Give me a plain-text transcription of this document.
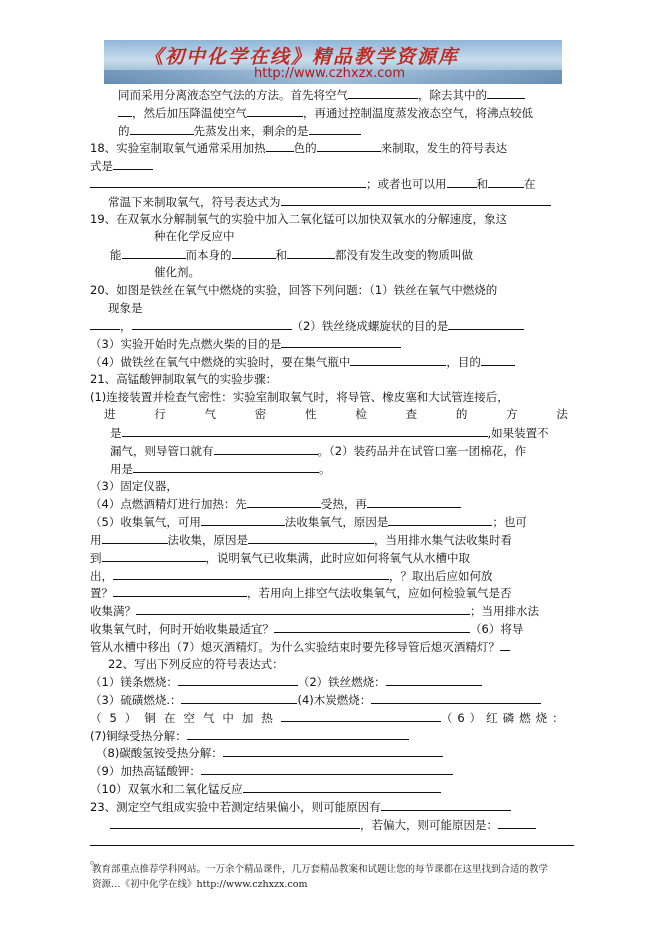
《初中化学在线》精品教学资源库
http://www.czhxzx.com
同而采用分离液态空气法的方法。首先将空气	，除去其中的
，然后加压降温使空气	，再通过控制温度蒸发液态空气，将沸点较低
的	先蒸发出来，剩余的是
18、实验室制取氧气通常采用加热 色的	来制取，发生的符号表达
式是
；或者也可以用	和	在
常温下来制取氧气，符号表达式为
19、在双氧水分解制氧气的实验中加入二氧化锰可以加快双氧水的分解速度，象这
种在化学反应中
能	而本身的	和	都没有发生改变的物质叫做
催化剂。
20、如图是铁丝在氧气中燃烧的实验，回答下列问题：（1）铁丝在氧气中燃烧的
现象是
，	（2）铁丝绕成螺旋状的目的是
（3）实验开始时先点燃火柴的目的是
（4）做铁丝在氧气中燃烧的实验时，要在集气瓶中	，目的
21、高锰酸钾制取氧气的实验步骤：
(1)连接装置并检查气密性：实验室制取氧气时，将导管、橡皮塞和大试管连接后，
进	行	气	密	性	检	查	的	方	法
是	,如果装置不
漏气，则导管口就有	。（2）装药品并在试管口塞一团棉花，作
用是	。
（3）固定仪器，
（4）点燃酒精灯进行加热：先	受热，再
（5）收集氧气，可用	法收集氧气，原因是	；也可
用	法收集，原因是	，当用排水集气法收集时看
到	，说明氧气已收集满，此时应如何将氧气从水槽中取
出，	，？取出后应如何放
置？	，若用向上排空气法收集氧气，应如何检验氧气是否
收集满？	；当用排水法
收集氧气时，何时开始收集最适宜？	（6）将导
管从水槽中移出（7）熄灭酒精灯。为什么实验结束时要先移导管后熄灭酒精灯？
22、写出下列反应的符号表达式：
（1）镁条燃烧：	（2）铁丝燃烧：
（3）硫磺燃烧.：	(4)木炭燃烧：
（5）铜在空气中加热	（6）红磷燃烧：
(7)铜绿受热分解：
（8)碳酸氢铵受热分解：
（9）加热高锰酸钾：
（10）双氧水和二氧化锰反应
23、测定空气组成实验中若测定结果偏小，则可能原因有
，若偏大，则可能原因是：
。
教育部重点推荐学科网站。一万余个精品课件，几万套精品教案和试题让您的每节课都在这里找到合适的教学
资源…《初中化学在线》http://www.czhxzx.com
